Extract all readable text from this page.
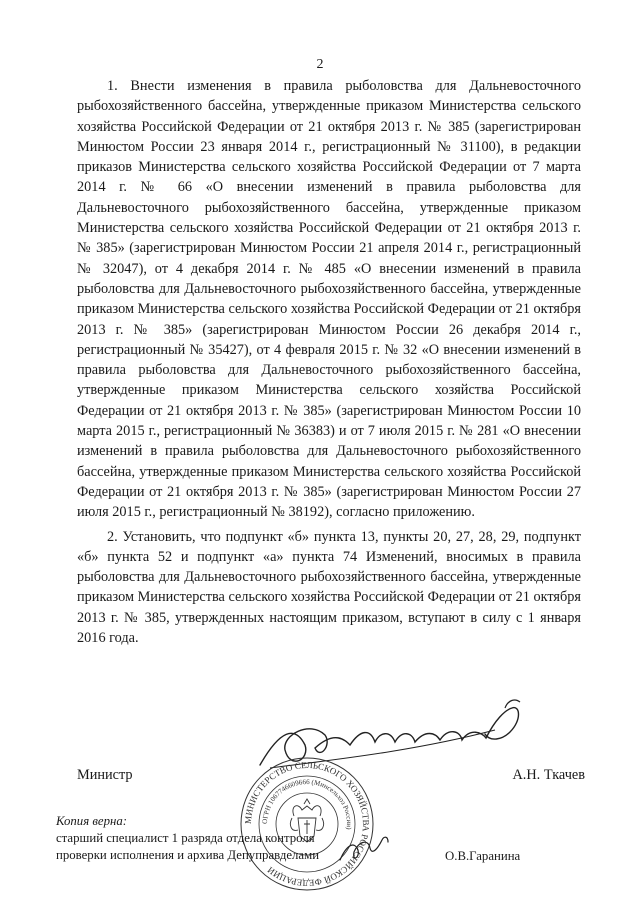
2

1. Внести изменения в правила рыболовства для Дальневосточного рыбохозяйственного бассейна, утвержденные приказом Министерства сельского хозяйства Российской Федерации от 21 октября 2013 г. № 385 (зарегистрирован Минюстом России 23 января 2014 г., регистрационный № 31100), в редакции приказов Министерства сельского хозяйства Российской Федерации от 7 марта 2014 г. № 66 «О внесении изменений в правила рыболовства для Дальневосточного рыбохозяйственного бассейна, утвержденные приказом Министерства сельского хозяйства Российской Федерации от 21 октября 2013 г. № 385» (зарегистрирован Минюстом России 21 апреля 2014 г., регистрационный № 32047), от 4 декабря 2014 г. № 485 «О внесении изменений в правила рыболовства для Дальневосточного рыбохозяйственного бассейна, утвержденные приказом Министерства сельского хозяйства Российской Федерации от 21 октября 2013 г. № 385» (зарегистрирован Минюстом России 26 декабря 2014 г., регистрационный № 35427), от 4 февраля 2015 г. № 32 «О внесении изменений в правила рыболовства для Дальневосточного рыбохозяйственного бассейна, утвержденные приказом Министерства сельского хозяйства Российской Федерации от 21 октября 2013 г. № 385» (зарегистрирован Минюстом России 10 марта 2015 г., регистрационный № 36383) и от 7 июля 2015 г. № 281 «О внесении изменений в правила рыболовства для Дальневосточного рыбохозяйственного бассейна, утвержденные приказом Министерства сельского хозяйства Российской Федерации от 21 октября 2013 г. № 385» (зарегистрирован Минюстом России 27 июля 2015 г., регистрационный № 38192), согласно приложению.

2. Установить, что подпункт «б» пункта 13, пункты 20, 27, 28, 29, подпункт «б» пункта 52 и подпункт «а» пункта 74 Изменений, вносимых в правила рыболовства для Дальневосточного рыбохозяйственного бассейна, утвержденные приказом Министерства сельского хозяйства Российской Федерации от 21 октября 2013 г. № 385, утвержденных настоящим приказом, вступают в силу с 1 января 2016 года.

Министр	А.Н. Ткачев
МИНИСТЕРСТВО СЕЛЬСКОГО ХОЗЯЙСТВА РОССИЙСКОЙ ФЕДЕРАЦИИ
ОГРН 1067746609666 (Минсельхоз России)
Копия верна:
старший специалист 1 разряда отдела контроля
проверки исполнения и архива Депуправделами	О.В.Гаранина
